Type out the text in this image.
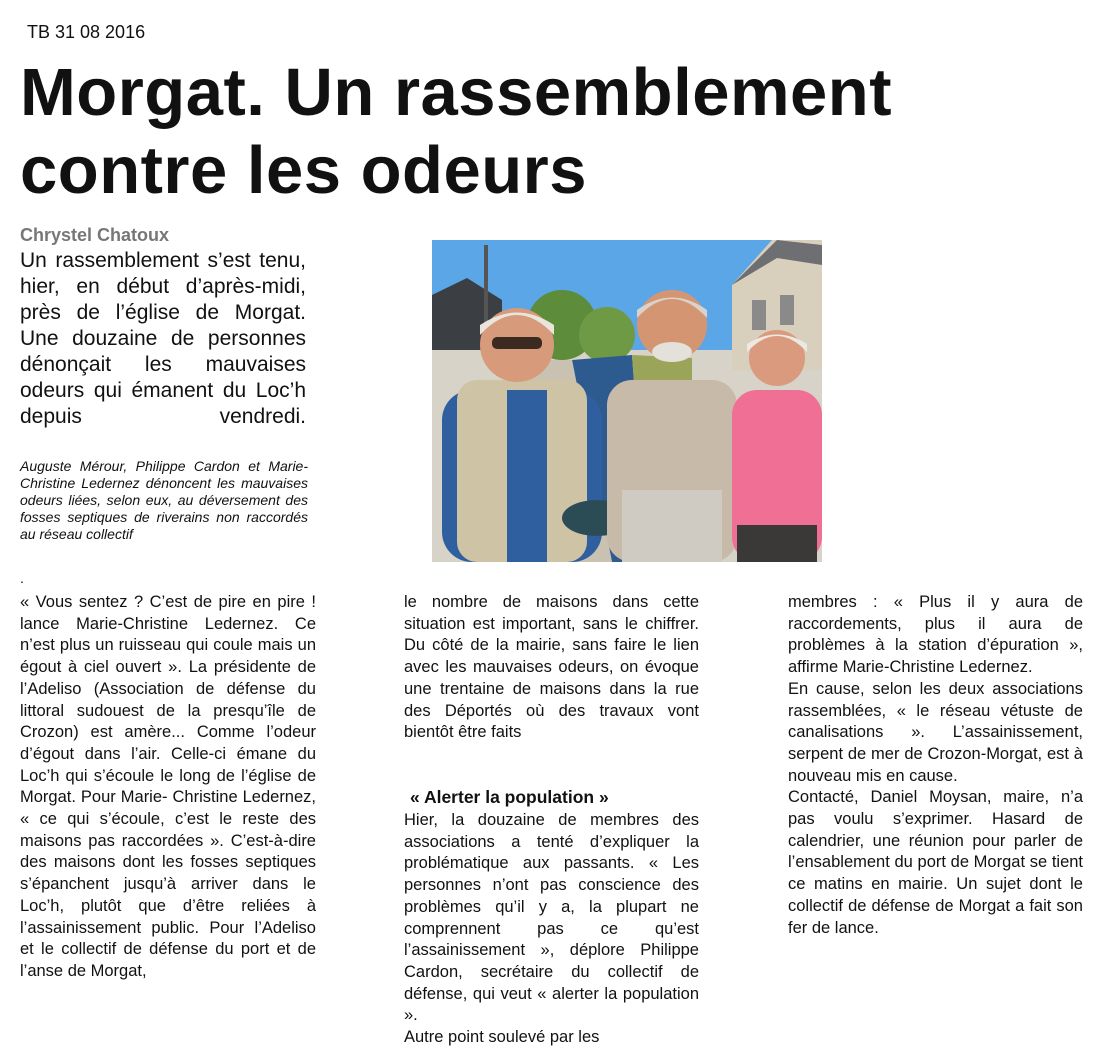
TB 31 08 2016
Morgat. Un rassemblement contre les odeurs
Chrystel Chatoux
Un rassemblement s’est tenu, hier, en début d’après-midi, près de l’église de Morgat. Une douzaine de personnes dénonçait les mauvaises odeurs qui émanent du Loc’h depuis vendredi.
Auguste Mérour, Philippe Cardon et Marie-Christine Ledernez dénoncent les mauvaises odeurs liées, selon eux, au déversement des fosses septiques de riverains non raccordés au réseau collectif
.
« Vous sentez ? C’est de pire en pire ! lance Marie-Christine Ledernez. Ce n’est plus un ruisseau qui coule mais un égout à ciel ouvert ». La présidente de l’Adeliso (Association de défense du littoral sudouest de la presqu’île de Crozon) est amère... Comme l’odeur d’égout dans l’air. Celle-ci émane du Loc’h qui s’écoule le long de l’église de Morgat. Pour Marie- Christine Ledernez, « ce qui s’écoule, c’est le reste des maisons pas raccordées ». C’est-à-dire des maisons dont les fosses septiques s’épanchent jusqu’à arriver dans le Loc’h, plutôt que d’être reliées à l’assainissement public. Pour l’Adeliso et le collectif de défense du port et de l’anse de Morgat,
le nombre de maisons dans cette situation est important, sans le chiffrer. Du côté de la mairie, sans faire le lien avec les mauvaises odeurs, on évoque une trentaine de maisons dans la rue des Déportés où des travaux vont bientôt être faits
« Alerter la population »
Hier, la douzaine de membres des associations a tenté d’expliquer la problématique aux passants. « Les personnes n’ont pas conscience des problèmes qu’il y a, la plupart ne comprennent pas ce qu’est l’assainissement », déplore Philippe Cardon, secrétaire du collectif de défense, qui veut « alerter la population ».
Autre point soulevé par les
membres : « Plus il y aura de raccordements, plus il aura de problèmes à la station d’épuration », affirme Marie-Christine Ledernez.
En cause, selon les deux associations rassemblées, « le réseau vétuste de canalisations ». L’assainissement, serpent de mer de Crozon-Morgat, est à nouveau mis en cause.
Contacté, Daniel Moysan, maire, n’a pas voulu s’exprimer. Hasard de calendrier, une réunion pour parler de l’ensablement du port de Morgat se tient ce matins en mairie. Un sujet dont le collectif de défense de Morgat a fait son fer de lance.
